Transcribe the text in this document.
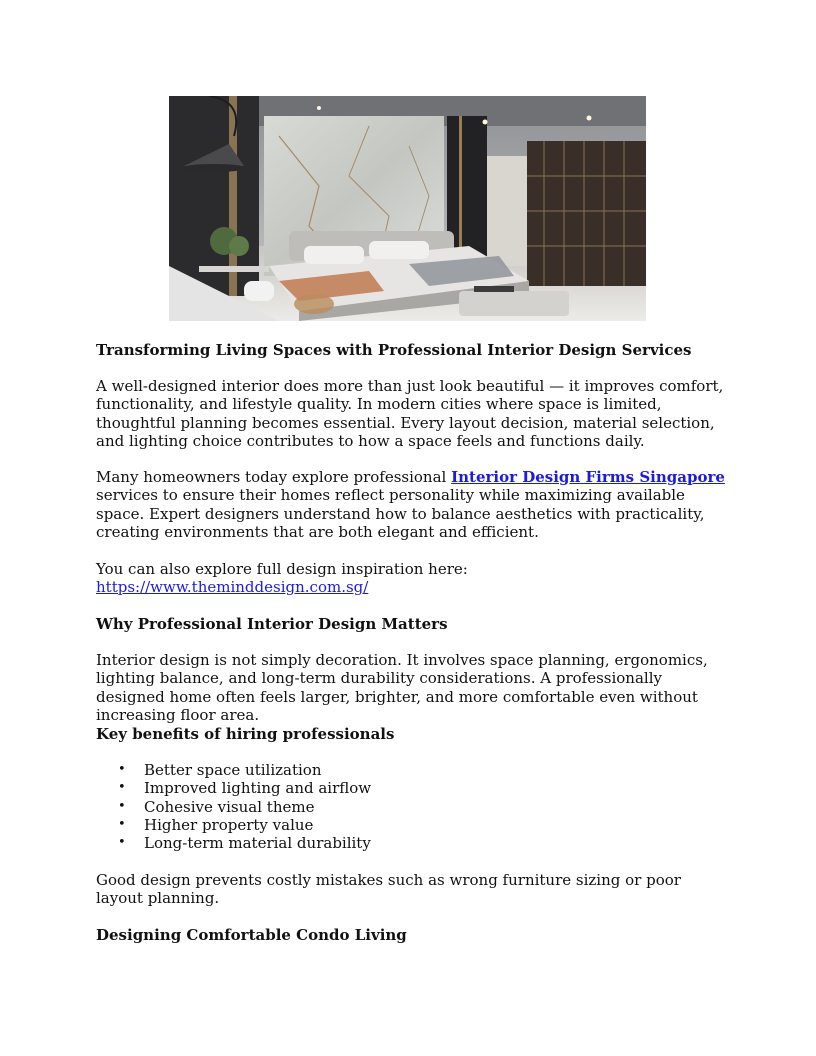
Transforming Living Spaces with Professional Interior Design Services

A well-designed interior does more than just look beautiful — it improves comfort, functionality, and lifestyle quality. In modern cities where space is limited, thoughtful planning becomes essential. Every layout decision, material selection, and lighting choice contributes to how a space feels and functions daily.

Many homeowners today explore professional Interior Design Firms Singapore services to ensure their homes reflect personality while maximizing available space. Expert designers understand how to balance aesthetics with practicality, creating environments that are both elegant and efficient.

You can also explore full design inspiration here:
https://www.theminddesign.com.sg/

Why Professional Interior Design Matters

Interior design is not simply decoration. It involves space planning, ergonomics, lighting balance, and long-term durability considerations. A professionally designed home often feels larger, brighter, and more comfortable even without increasing floor area.

Key benefits of hiring professionals
• Better space utilization
• Improved lighting and airflow
• Cohesive visual theme
• Higher property value
• Long-term material durability

Good design prevents costly mistakes such as wrong furniture sizing or poor layout planning.

Designing Comfortable Condo Living
